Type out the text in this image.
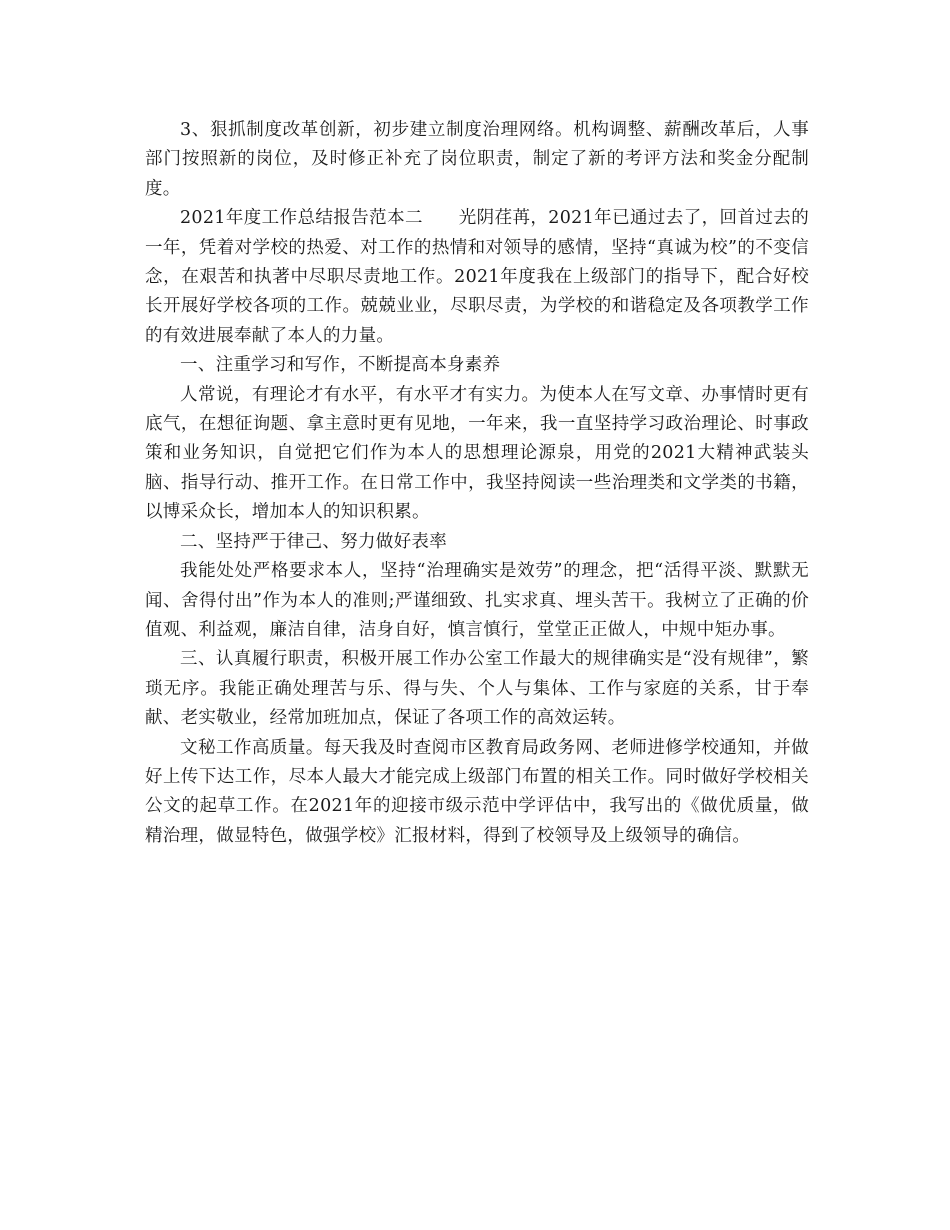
3、狠抓制度改革创新，初步建立制度治理网络。机构调整、薪酬改革后，人事部门按照新的岗位，及时修正补充了岗位职责，制定了新的考评方法和奖金分配制度。

2021年度工作总结报告范本二      光阴荏苒，2021年已通过去了，回首过去的一年，凭着对学校的热爱、对工作的热情和对领导的感情，坚持“真诚为校”的不变信念，在艰苦和执著中尽职尽责地工作。2021年度我在上级部门的指导下，配合好校长开展好学校各项的工作。兢兢业业，尽职尽责，为学校的和谐稳定及各项教学工作的有效进展奉献了本人的力量。

一、注重学习和写作，不断提高本身素养

人常说，有理论才有水平，有水平才有实力。为使本人在写文章、办事情时更有底气，在想征询题、拿主意时更有见地，一年来，我一直坚持学习政治理论、时事政策和业务知识，自觉把它们作为本人的思想理论源泉，用党的2021大精神武装头脑、指导行动、推开工作。在日常工作中，我坚持阅读一些治理类和文学类的书籍，以博采众长，增加本人的知识积累。

二、坚持严于律己、努力做好表率

我能处处严格要求本人，坚持“治理确实是效劳”的理念，把“活得平淡、默默无闻、舍得付出”作为本人的准则;严谨细致、扎实求真、埋头苦干。我树立了正确的价值观、利益观，廉洁自律，洁身自好，慎言慎行，堂堂正正做人，中规中矩办事。

三、认真履行职责，积极开展工作办公室工作最大的规律确实是“没有规律”，繁琐无序。我能正确处理苦与乐、得与失、个人与集体、工作与家庭的关系，甘于奉献、老实敬业，经常加班加点，保证了各项工作的高效运转。

文秘工作高质量。每天我及时查阅市区教育局政务网、老师进修学校通知，并做好上传下达工作，尽本人最大才能完成上级部门布置的相关工作。同时做好学校相关公文的起草工作。在2021年的迎接市级示范中学评估中，我写出的《做优质量，做精治理，做显特色，做强学校》汇报材料，得到了校领导及上级领导的确信。
